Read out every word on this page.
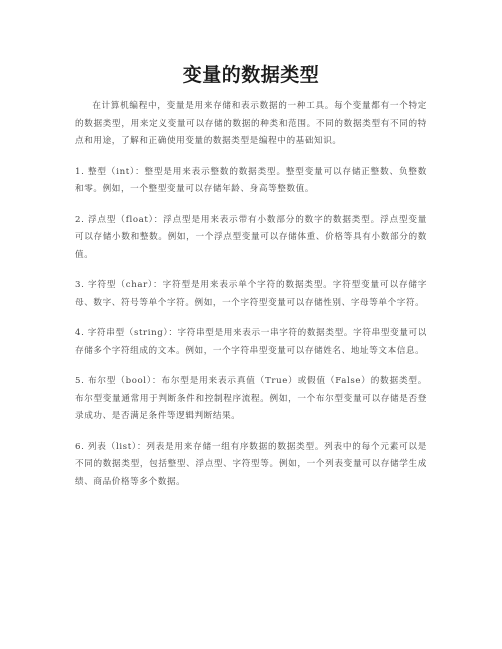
变量的数据类型

在计算机编程中，变量是用来存储和表示数据的一种工具。每个变量都有一个特定的数据类型，用来定义变量可以存储的数据的种类和范围。不同的数据类型有不同的特点和用途，了解和正确使用变量的数据类型是编程中的基础知识。

1. 整型（int）：整型是用来表示整数的数据类型。整型变量可以存储正整数、负整数和零。例如，一个整型变量可以存储年龄、身高等整数值。

2. 浮点型（float）：浮点型是用来表示带有小数部分的数字的数据类型。浮点型变量可以存储小数和整数。例如，一个浮点型变量可以存储体重、价格等具有小数部分的数值。

3. 字符型（char）：字符型是用来表示单个字符的数据类型。字符型变量可以存储字母、数字、符号等单个字符。例如，一个字符型变量可以存储性别、字母等单个字符。

4. 字符串型（string）：字符串型是用来表示一串字符的数据类型。字符串型变量可以存储多个字符组成的文本。例如，一个字符串型变量可以存储姓名、地址等文本信息。

5. 布尔型（bool）：布尔型是用来表示真值（True）或假值（False）的数据类型。布尔型变量通常用于判断条件和控制程序流程。例如，一个布尔型变量可以存储是否登录成功、是否满足条件等逻辑判断结果。

6. 列表（list）：列表是用来存储一组有序数据的数据类型。列表中的每个元素可以是不同的数据类型，包括整型、浮点型、字符型等。例如，一个列表变量可以存储学生成绩、商品价格等多个数据。
